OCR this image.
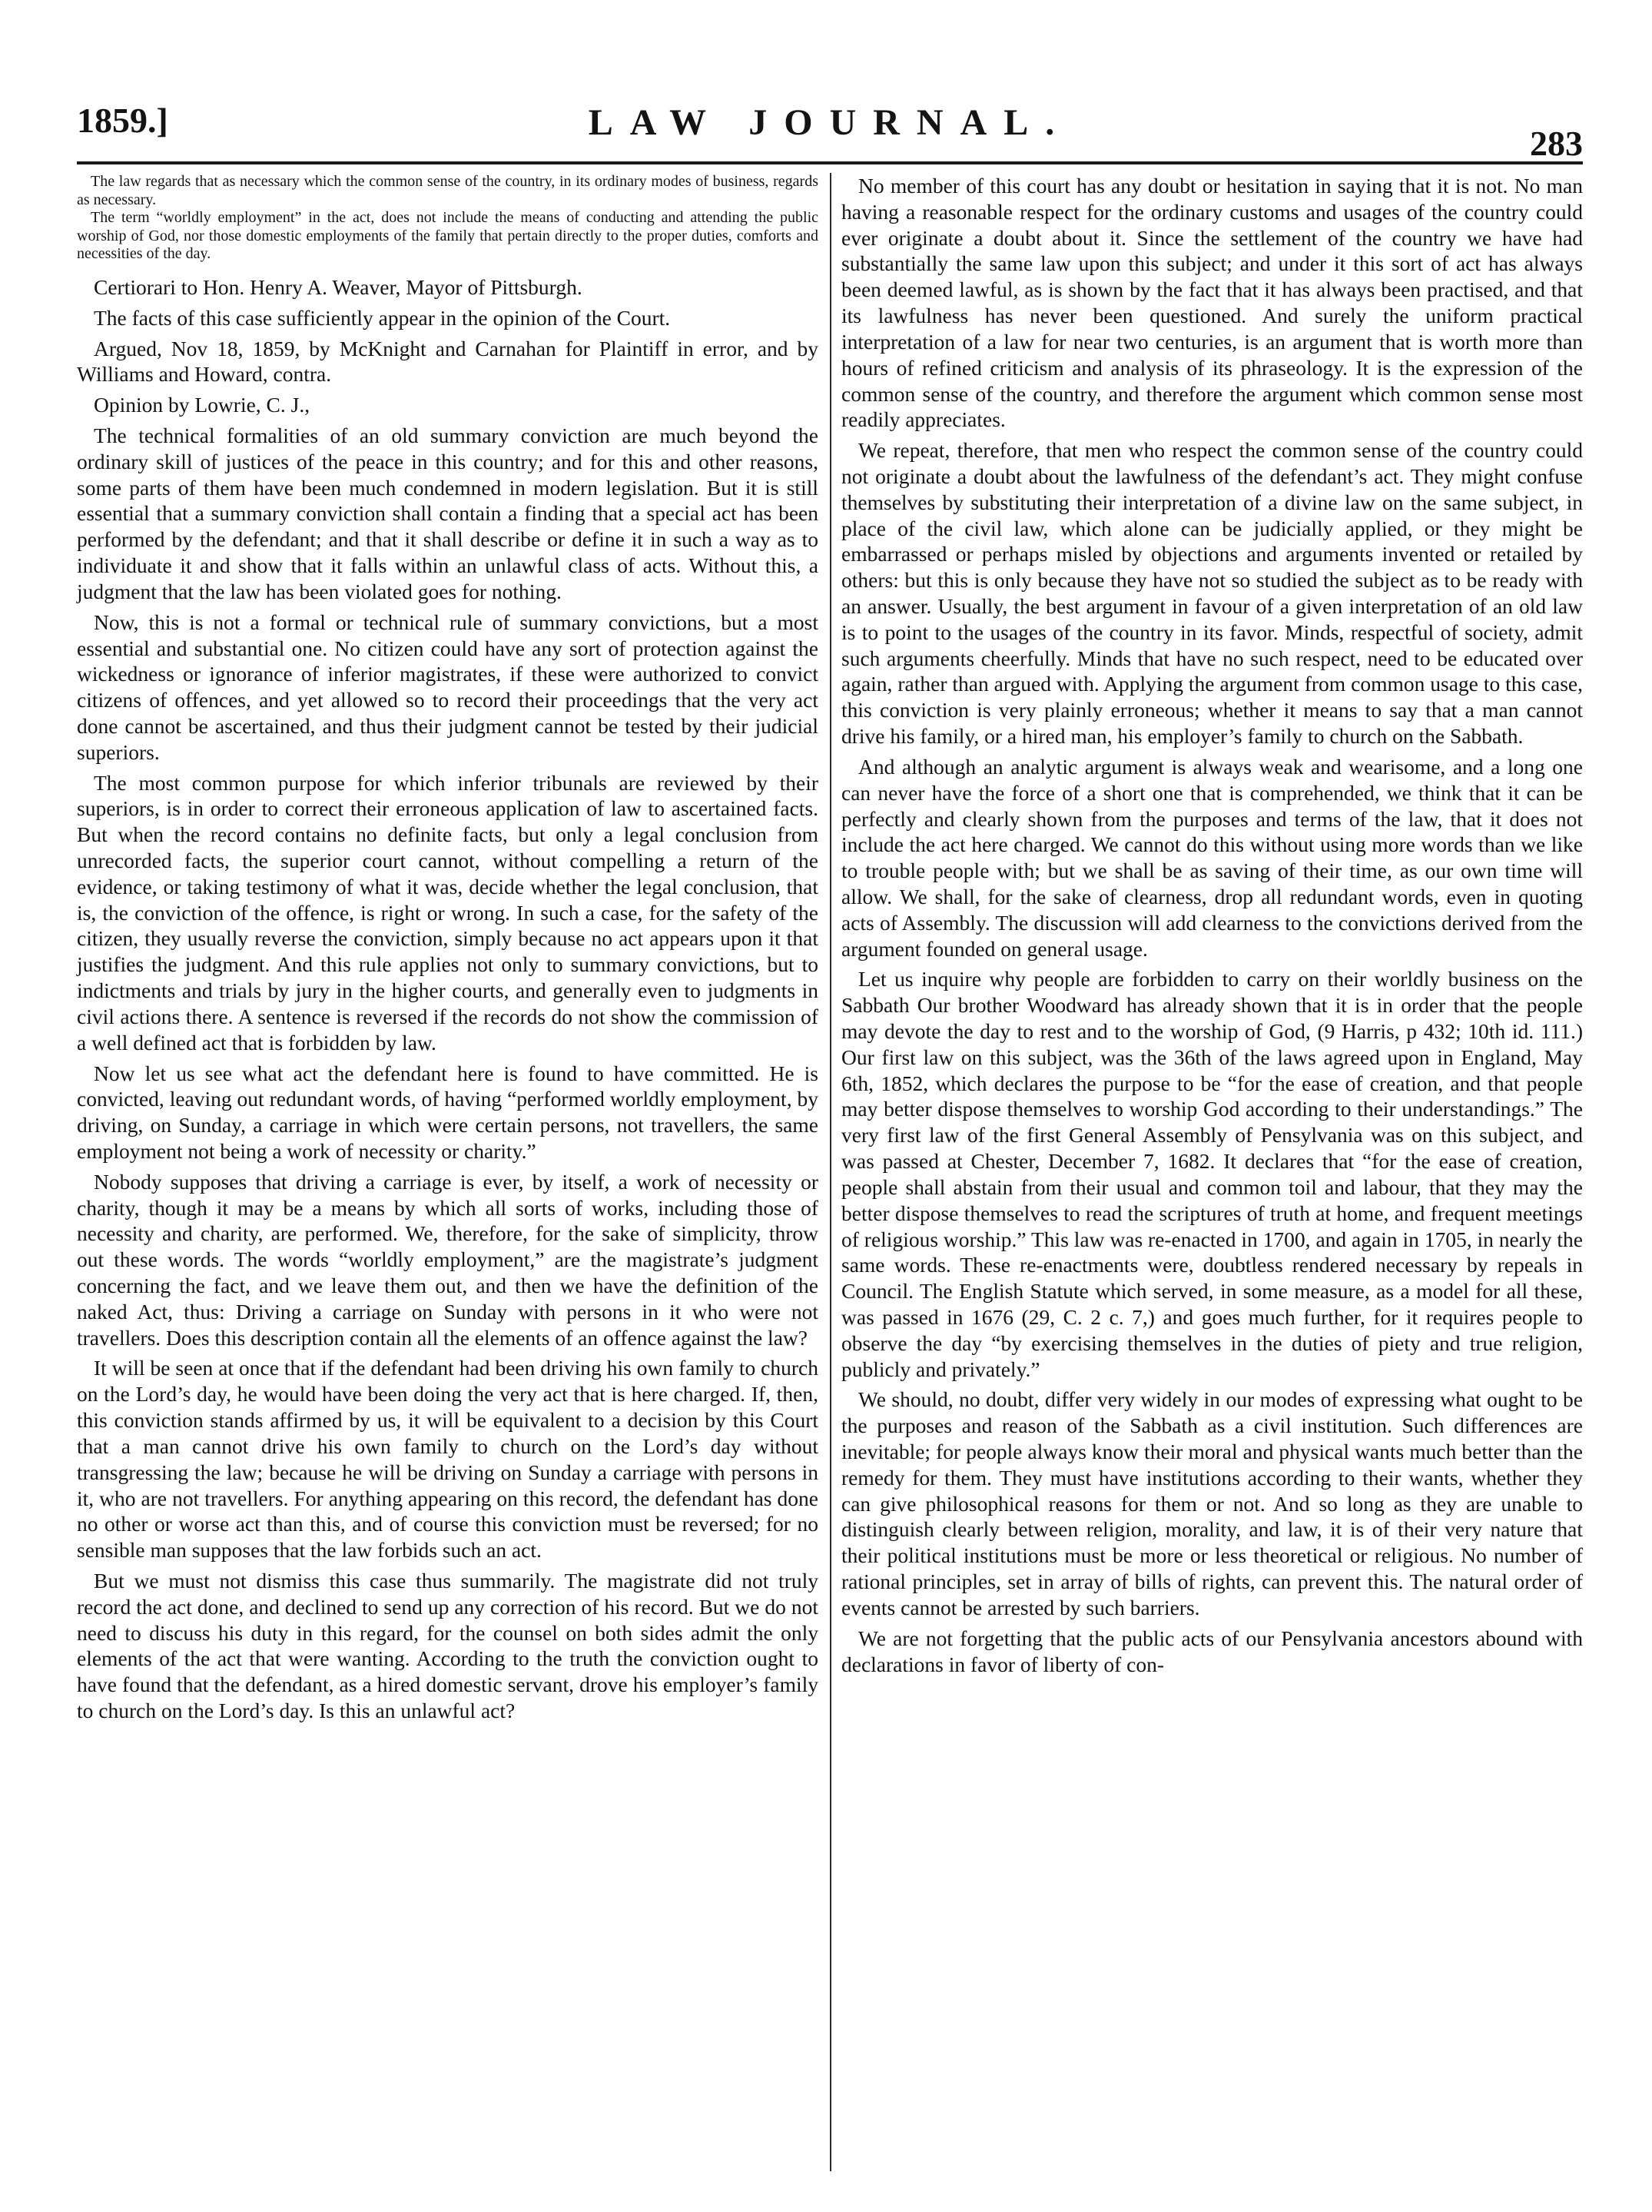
1859.]	LAW JOURNAL.
283

The law regards that as necessary which the common sense of the country, in its ordinary modes of business, regards as necessary.

The term “worldly employment” in the act, does not include the means of conducting and attending the public worship of God, nor those domestic employments of the family that pertain directly to the proper duties, comforts and necessities of the day.

Certiorari to Hon. Henry A. Weaver, Mayor of Pittsburgh.

The facts of this case sufficiently appear in the opinion of the Court.

Argued, Nov 18, 1859, by McKnight and Carnahan for Plaintiff in error, and by Williams and Howard, contra.

Opinion by Lowrie, C. J.,

The technical formalities of an old summary conviction are much beyond the ordinary skill of justices of the peace in this country; and for this and other reasons, some parts of them have been much condemned in modern legislation. But it is still essential that a summary conviction shall contain a finding that a special act has been performed by the defendant; and that it shall describe or define it in such a way as to individuate it and show that it falls within an unlawful class of acts. Without this, a judgment that the law has been violated goes for nothing.

Now, this is not a formal or technical rule of summary convictions, but a most essential and substantial one. No citizen could have any sort of protection against the wickedness or ignorance of inferior magistrates, if these were authorized to convict citizens of offences, and yet allowed so to record their proceedings that the very act done cannot be ascertained, and thus their judgment cannot be tested by their judicial superiors.

The most common purpose for which inferior tribunals are reviewed by their superiors, is in order to correct their erroneous application of law to ascertained facts. But when the record contains no definite facts, but only a legal conclusion from unrecorded facts, the superior court cannot, without compelling a return of the evidence, or taking testimony of what it was, decide whether the legal conclusion, that is, the conviction of the offence, is right or wrong. In such a case, for the safety of the citizen, they usually reverse the conviction, simply because no act appears upon it that justifies the judgment. And this rule applies not only to summary convictions, but to indictments and trials by jury in the higher courts, and generally even to judgments in civil actions there. A sentence is reversed if the records do not show the commission of a well defined act that is forbidden by law.

Now let us see what act the defendant here is found to have committed. He is convicted, leaving out redundant words, of having “performed worldly employment, by driving, on Sunday, a carriage in which were certain persons, not travellers, the same employment not being a work of necessity or charity.”

Nobody supposes that driving a carriage is ever, by itself, a work of necessity or charity, though it may be a means by which all sorts of works, including those of necessity and charity, are performed. We, therefore, for the sake of simplicity, throw out these words. The words “worldly employment,” are the magistrate’s judgment concerning the fact, and we leave them out, and then we have the definition of the naked Act, thus: Driving a carriage on Sunday with persons in it who were not travellers. Does this description contain all the elements of an offence against the law?

It will be seen at once that if the defendant had been driving his own family to church on the Lord’s day, he would have been doing the very act that is here charged. If, then, this conviction stands affirmed by us, it will be equivalent to a decision by this Court that a man cannot drive his own family to church on the Lord’s day without transgressing the law; because he will be driving on Sunday a carriage with persons in it, who are not travellers. For anything appearing on this record, the defendant has done no other or worse act than this, and of course this conviction must be reversed; for no sensible man supposes that the law forbids such an act.

But we must not dismiss this case thus summarily. The magistrate did not truly record the act done, and declined to send up any correction of his record. But we do not need to discuss his duty in this regard, for the counsel on both sides admit the only elements of the act that were wanting. According to the truth the conviction ought to have found that the defendant, as a hired domestic servant, drove his employer’s family to church on the Lord’s day. Is this an unlawful act?

No member of this court has any doubt or hesitation in saying that it is not. No man having a reasonable respect for the ordinary customs and usages of the country could ever originate a doubt about it. Since the settlement of the country we have had substantially the same law upon this subject; and under it this sort of act has always been deemed lawful, as is shown by the fact that it has always been practised, and that its lawfulness has never been questioned. And surely the uniform practical interpretation of a law for near two centuries, is an argument that is worth more than hours of refined criticism and analysis of its phraseology. It is the expression of the common sense of the country, and therefore the argument which common sense most readily appreciates.

We repeat, therefore, that men who respect the common sense of the country could not originate a doubt about the lawfulness of the defendant’s act. They might confuse themselves by substituting their interpretation of a divine law on the same subject, in place of the civil law, which alone can be judicially applied, or they might be embarrassed or perhaps misled by objections and arguments invented or retailed by others: but this is only because they have not so studied the subject as to be ready with an answer. Usually, the best argument in favour of a given interpretation of an old law is to point to the usages of the country in its favor. Minds, respectful of society, admit such arguments cheerfully. Minds that have no such respect, need to be educated over again, rather than argued with. Applying the argument from common usage to this case, this conviction is very plainly erroneous; whether it means to say that a man cannot drive his family, or a hired man, his employer’s family to church on the Sabbath.

And although an analytic argument is always weak and wearisome, and a long one can never have the force of a short one that is comprehended, we think that it can be perfectly and clearly shown from the purposes and terms of the law, that it does not include the act here charged. We cannot do this without using more words than we like to trouble people with; but we shall be as saving of their time, as our own time will allow. We shall, for the sake of clearness, drop all redundant words, even in quoting acts of Assembly. The discussion will add clearness to the convictions derived from the argument founded on general usage.

Let us inquire why people are forbidden to carry on their worldly business on the Sabbath Our brother Woodward has already shown that it is in order that the people may devote the day to rest and to the worship of God, (9 Harris, p 432; 10th id. 111.) Our first law on this subject, was the 36th of the laws agreed upon in England, May 6th, 1852, which declares the purpose to be “for the ease of creation, and that people may better dispose themselves to worship God according to their understandings.” The very first law of the first General Assembly of Pensylvania was on this subject, and was passed at Chester, December 7, 1682. It declares that “for the ease of creation, people shall abstain from their usual and common toil and labour, that they may the better dispose themselves to read the scriptures of truth at home, and frequent meetings of religious worship.” This law was re-enacted in 1700, and again in 1705, in nearly the same words. These re-enactments were, doubtless rendered necessary by repeals in Council. The English Statute which served, in some measure, as a model for all these, was passed in 1676 (29, C. 2 c. 7,) and goes much further, for it requires people to observe the day “by exercising themselves in the duties of piety and true religion, publicly and privately.”

We should, no doubt, differ very widely in our modes of expressing what ought to be the purposes and reason of the Sabbath as a civil institution. Such differences are inevitable; for people always know their moral and physical wants much better than the remedy for them. They must have institutions according to their wants, whether they can give philosophical reasons for them or not. And so long as they are unable to distinguish clearly between religion, morality, and law, it is of their very nature that their political institutions must be more or less theoretical or religious. No number of rational principles, set in array of bills of rights, can prevent this. The natural order of events cannot be arrested by such barriers.

We are not forgetting that the public acts of our Pensylvania ancestors abound with declarations in favor of liberty of con-
